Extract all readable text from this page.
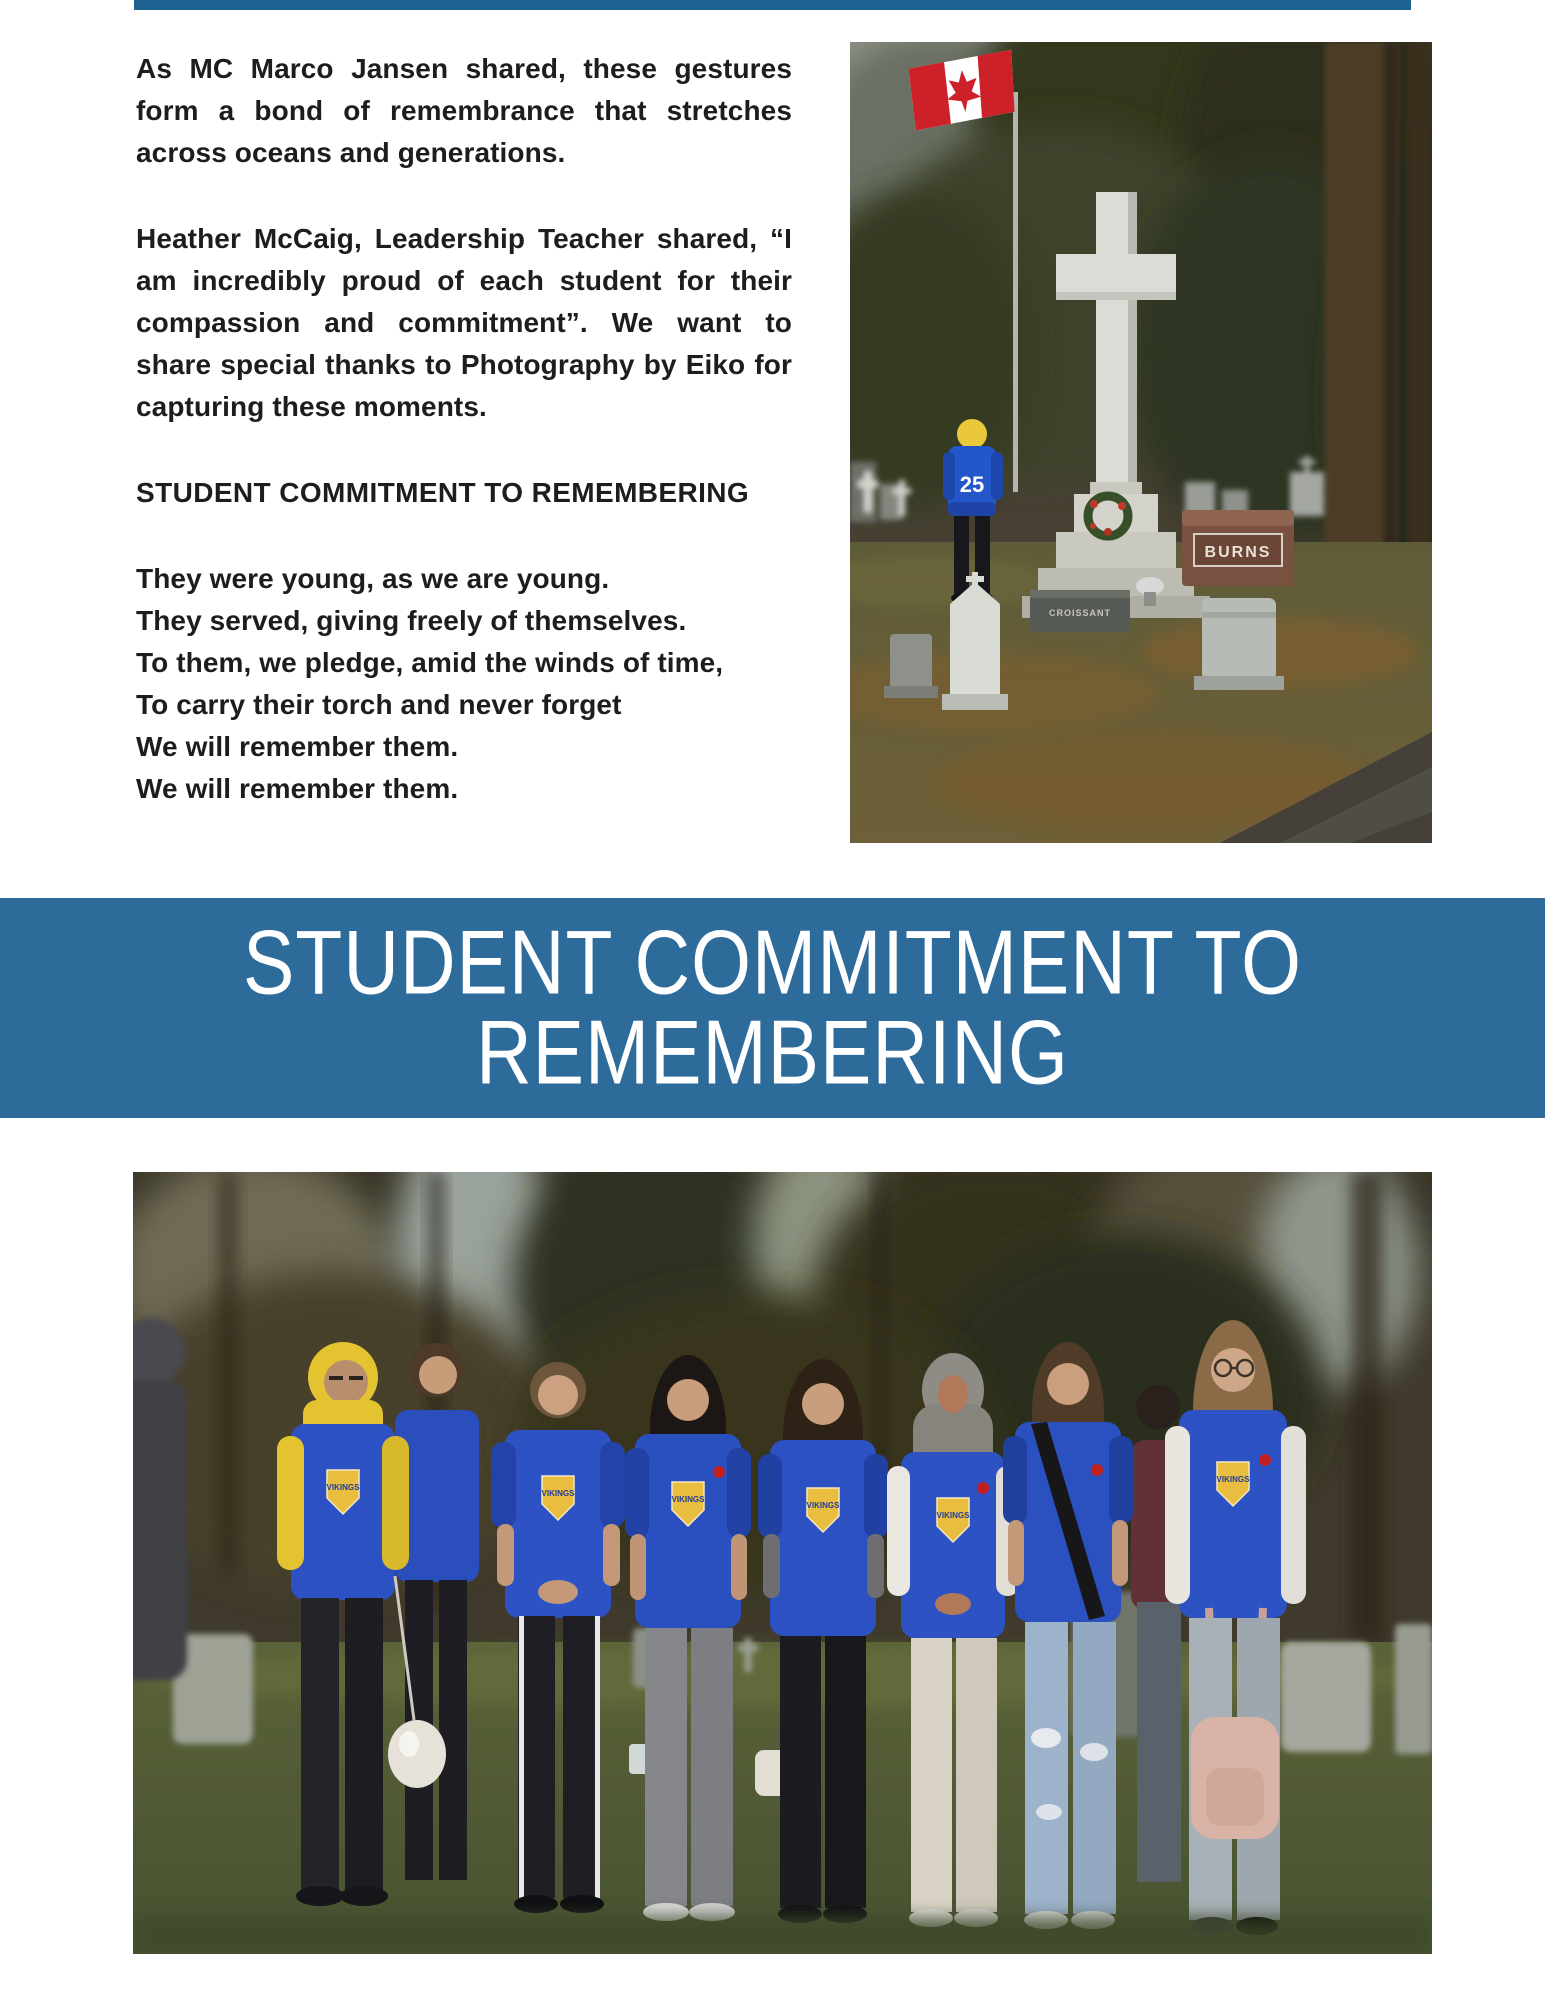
As MC Marco Jansen shared, these gestures form a bond of remembrance that stretches across oceans and generations.

Heather McCaig, Leadership Teacher shared, “I am incredibly proud of each student for their compassion and commitment”. We want to share special thanks to Photography by Eiko for capturing these moments.

STUDENT COMMITMENT TO REMEMBERING
They were young, as we are young.
They served, giving freely of themselves.
To them, we pledge, amid the winds of time,
To carry their torch and never forget
We will remember them.
We will remember them.
25
BURNS
CROISSANT
STUDENT COMMITMENT TO
REMEMBERING
VIKINGS
VIKINGS
VIKINGS
VIKINGS
VIKINGS
VIKINGS
